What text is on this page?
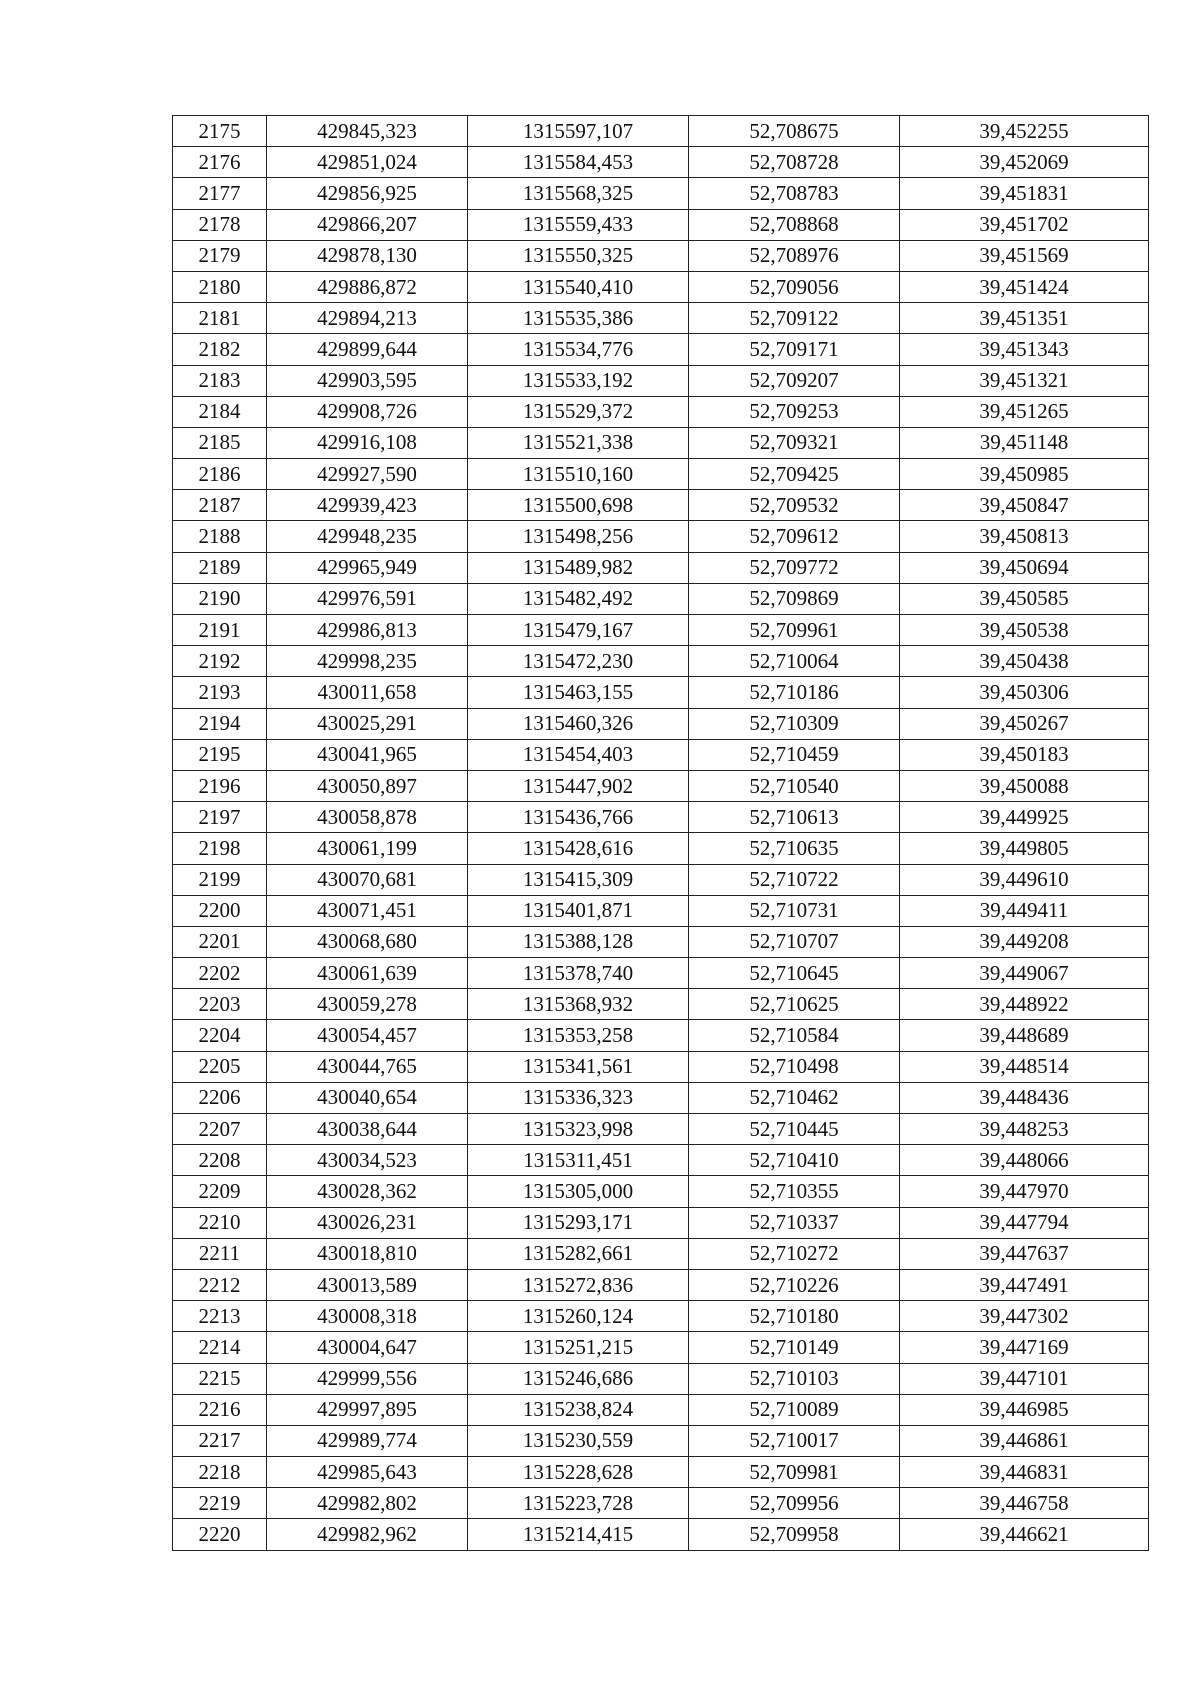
2175	429845,323	1315597,107	52,708675	39,452255
2176	429851,024	1315584,453	52,708728	39,452069
2177	429856,925	1315568,325	52,708783	39,451831
2178	429866,207	1315559,433	52,708868	39,451702
2179	429878,130	1315550,325	52,708976	39,451569
2180	429886,872	1315540,410	52,709056	39,451424
2181	429894,213	1315535,386	52,709122	39,451351
2182	429899,644	1315534,776	52,709171	39,451343
2183	429903,595	1315533,192	52,709207	39,451321
2184	429908,726	1315529,372	52,709253	39,451265
2185	429916,108	1315521,338	52,709321	39,451148
2186	429927,590	1315510,160	52,709425	39,450985
2187	429939,423	1315500,698	52,709532	39,450847
2188	429948,235	1315498,256	52,709612	39,450813
2189	429965,949	1315489,982	52,709772	39,450694
2190	429976,591	1315482,492	52,709869	39,450585
2191	429986,813	1315479,167	52,709961	39,450538
2192	429998,235	1315472,230	52,710064	39,450438
2193	430011,658	1315463,155	52,710186	39,450306
2194	430025,291	1315460,326	52,710309	39,450267
2195	430041,965	1315454,403	52,710459	39,450183
2196	430050,897	1315447,902	52,710540	39,450088
2197	430058,878	1315436,766	52,710613	39,449925
2198	430061,199	1315428,616	52,710635	39,449805
2199	430070,681	1315415,309	52,710722	39,449610
2200	430071,451	1315401,871	52,710731	39,449411
2201	430068,680	1315388,128	52,710707	39,449208
2202	430061,639	1315378,740	52,710645	39,449067
2203	430059,278	1315368,932	52,710625	39,448922
2204	430054,457	1315353,258	52,710584	39,448689
2205	430044,765	1315341,561	52,710498	39,448514
2206	430040,654	1315336,323	52,710462	39,448436
2207	430038,644	1315323,998	52,710445	39,448253
2208	430034,523	1315311,451	52,710410	39,448066
2209	430028,362	1315305,000	52,710355	39,447970
2210	430026,231	1315293,171	52,710337	39,447794
2211	430018,810	1315282,661	52,710272	39,447637
2212	430013,589	1315272,836	52,710226	39,447491
2213	430008,318	1315260,124	52,710180	39,447302
2214	430004,647	1315251,215	52,710149	39,447169
2215	429999,556	1315246,686	52,710103	39,447101
2216	429997,895	1315238,824	52,710089	39,446985
2217	429989,774	1315230,559	52,710017	39,446861
2218	429985,643	1315228,628	52,709981	39,446831
2219	429982,802	1315223,728	52,709956	39,446758
2220	429982,962	1315214,415	52,709958	39,446621
